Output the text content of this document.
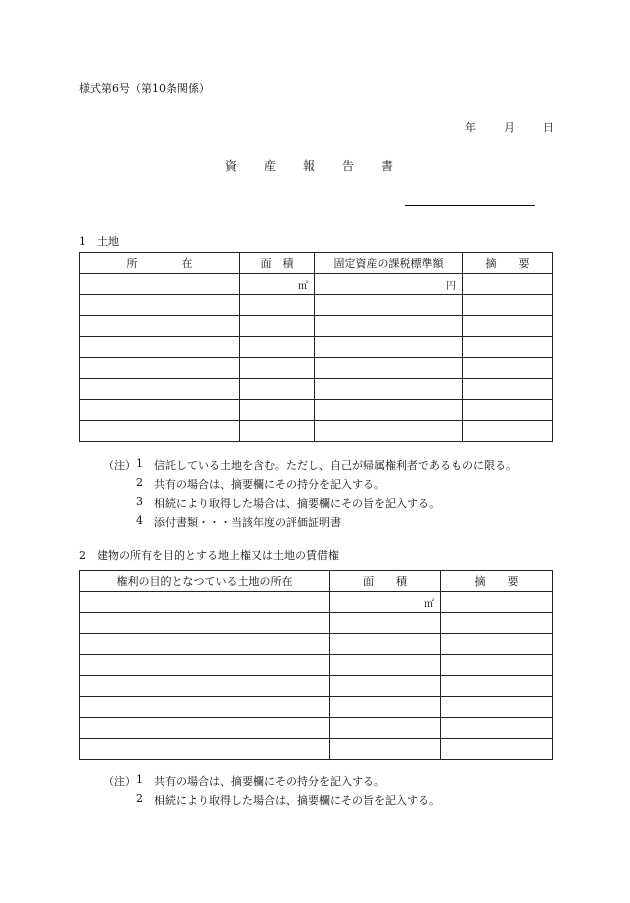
様式第6号（第10条関係）
年	月	日
資 産 報 告 書
1　土地
所　　　　在	面　積	固定資産の課税標準額	摘　　要
	㎡	円	

（注） 1 信託している土地を含む。ただし、自己が帰属権利者であるものに限る。
2 共有の場合は、摘要欄にその持分を記入する。
3 相続により取得した場合は、摘要欄にその旨を記入する。
4 添付書類・・・当該年度の評価証明書
2　建物の所有を目的とする地上権又は土地の賃借権
権利の目的となつている土地の所在	面　　積	摘　　要
	㎡	

（注） 1 共有の場合は、摘要欄にその持分を記入する。
2 相続により取得した場合は、摘要欄にその旨を記入する。
